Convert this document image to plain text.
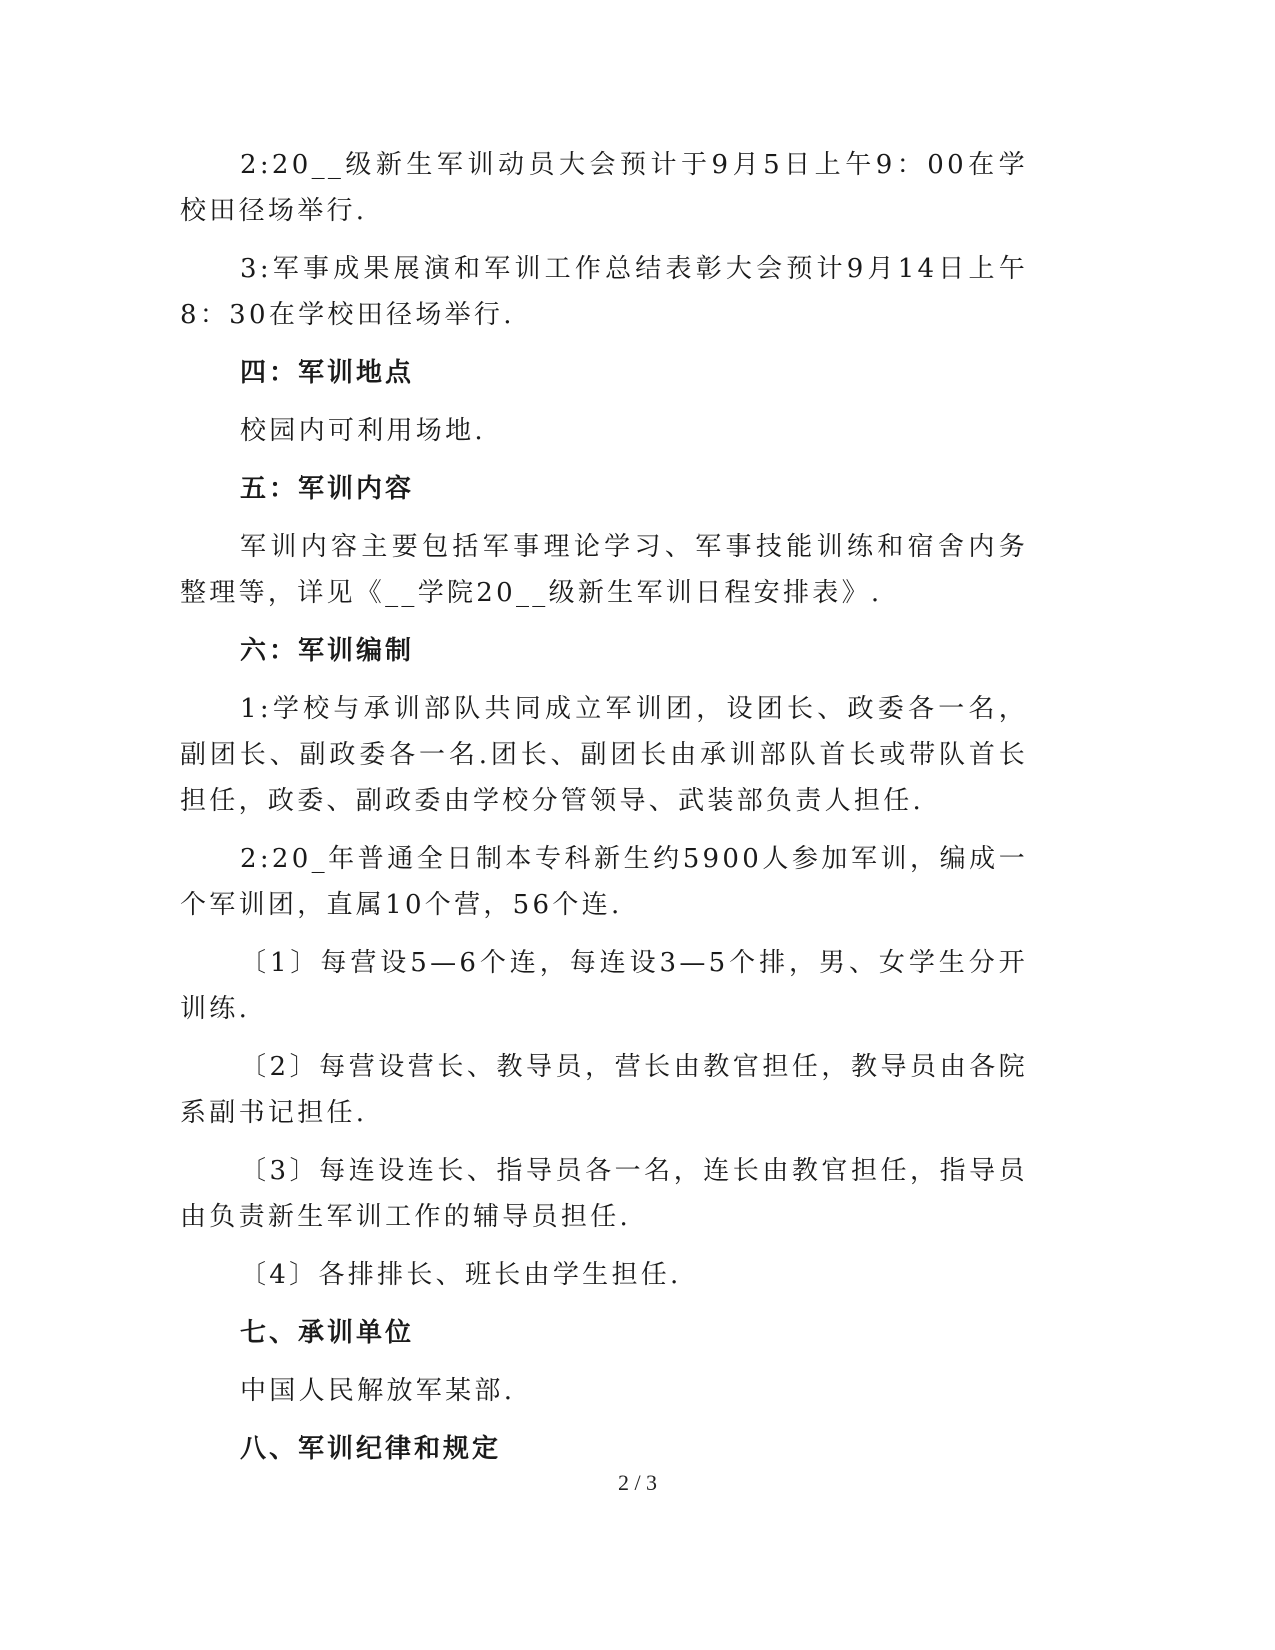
2:20__级新生军训动员大会预计于9月5日上午9：00在学校田径场举行.

3:军事成果展演和军训工作总结表彰大会预计9月14日上午8：30在学校田径场举行.

四：军训地点

校园内可利用场地.

五：军训内容

军训内容主要包括军事理论学习、军事技能训练和宿舍内务整理等，详见《__学院20__级新生军训日程安排表》.

六：军训编制

1:学校与承训部队共同成立军训团，设团长、政委各一名，副团长、副政委各一名.团长、副团长由承训部队首长或带队首长担任，政委、副政委由学校分管领导、武装部负责人担任.

2:20_年普通全日制本专科新生约5900人参加军训，编成一个军训团，直属10个营，56个连.

〔1〕每营设5—6个连，每连设3—5个排，男、女学生分开训练.

〔2〕每营设营长、教导员，营长由教官担任，教导员由各院系副书记担任.

〔3〕每连设连长、指导员各一名，连长由教官担任，指导员由负责新生军训工作的辅导员担任.

〔4〕各排排长、班长由学生担任.

七、承训单位

中国人民解放军某部.

八、军训纪律和规定

2 / 3
